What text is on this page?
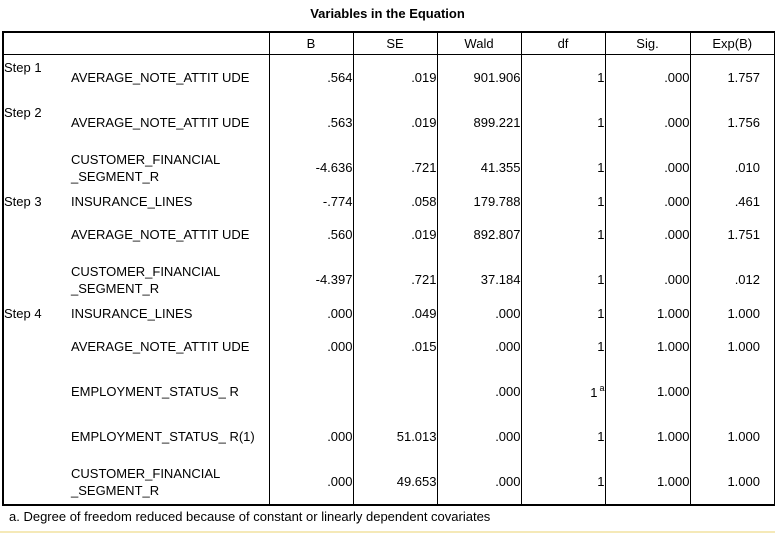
Variables in the Equation
		B	SE	Wald	df	Sig.	Exp(B)
Step 1	AVERAGE_NOTE_ATTIT UDE	.564	.019	901.906	1	.000	1.757
Step 2	AVERAGE_NOTE_ATTIT UDE	.563	.019	899.221	1	.000	1.756
	CUSTOMER_FINANCIAL _SEGMENT_R	-4.636	.721	41.355	1	.000	.010
Step 3	INSURANCE_LINES	-.774	.058	179.788	1	.000	.461
	AVERAGE_NOTE_ATTIT UDE	.560	.019	892.807	1	.000	1.751
	CUSTOMER_FINANCIAL _SEGMENT_R	-4.397	.721	37.184	1	.000	.012
Step 4	INSURANCE_LINES	.000	.049	.000	1	1.000	1.000
	AVERAGE_NOTE_ATTIT UDE	.000	.015	.000	1	1.000	1.000
	EMPLOYMENT_STATUS_ R			.000	1 $^a$	1.000	
	EMPLOYMENT_STATUS_ R(1)	.000	51.013	.000	1	1.000	1.000
	CUSTOMER_FINANCIAL _SEGMENT_R	.000	49.653	.000	1	1.000	1.000
a. Degree of freedom reduced because of constant or linearly dependent covariates
